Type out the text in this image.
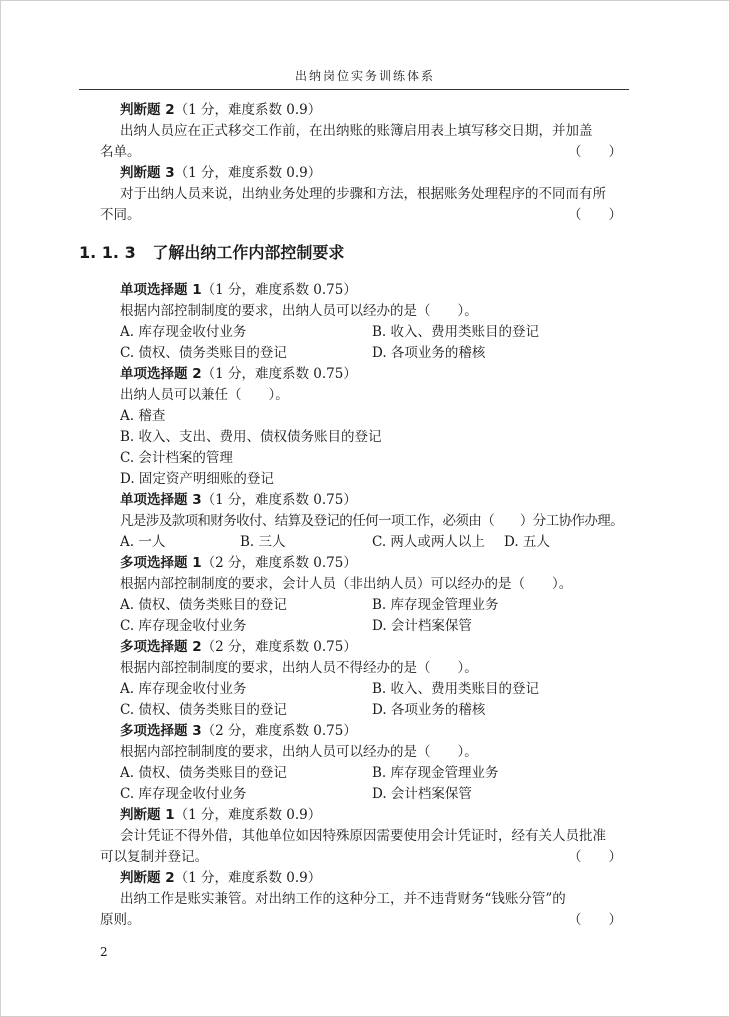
出纳岗位实务训练体系
判断题 2（1 分，难度系数 0.9）
出纳人员应在正式移交工作前，在出纳账的账簿启用表上填写移交日期，并加盖
名单。	（　　）
判断题 3（1 分，难度系数 0.9）
对于出纳人员来说，出纳业务处理的步骤和方法，根据账务处理程序的不同而有所
不同。	（　　）
1. 1. 3 了解出纳工作内部控制要求
单项选择题 1（1 分，难度系数 0.75）
根据内部控制制度的要求，出纳人员可以经办的是（　　）。
A. 库存现金收付业务	B. 收入、费用类账目的登记
C. 债权、债务类账目的登记	D. 各项业务的稽核
单项选择题 2（1 分，难度系数 0.75）
出纳人员可以兼任（　　）。
A. 稽查
B. 收入、支出、费用、债权债务账目的登记
C. 会计档案的管理
D. 固定资产明细账的登记
单项选择题 3（1 分，难度系数 0.75）
凡是涉及款项和财务收付、结算及登记的任何一项工作，必须由（　　）分工协作办理。
A. 一人	B. 三人	C. 两人或两人以上	D. 五人
多项选择题 1（2 分，难度系数 0.75）
根据内部控制制度的要求，会计人员（非出纳人员）可以经办的是（　　）。
A. 债权、债务类账目的登记	B. 库存现金管理业务
C. 库存现金收付业务	D. 会计档案保管
多项选择题 2（2 分，难度系数 0.75）
根据内部控制制度的要求，出纳人员不得经办的是（　　）。
A. 库存现金收付业务	B. 收入、费用类账目的登记
C. 债权、债务类账目的登记	D. 各项业务的稽核
多项选择题 3（2 分，难度系数 0.75）
根据内部控制制度的要求，出纳人员可以经办的是（　　）。
A. 债权、债务类账目的登记	B. 库存现金管理业务
C. 库存现金收付业务	D. 会计档案保管
判断题 1（1 分，难度系数 0.9）
会计凭证不得外借，其他单位如因特殊原因需要使用会计凭证时，经有关人员批准
可以复制并登记。	（　　）
判断题 2（1 分，难度系数 0.9）
出纳工作是账实兼管。对出纳工作的这种分工，并不违背财务“钱账分管”的
原则。	（　　）
2
